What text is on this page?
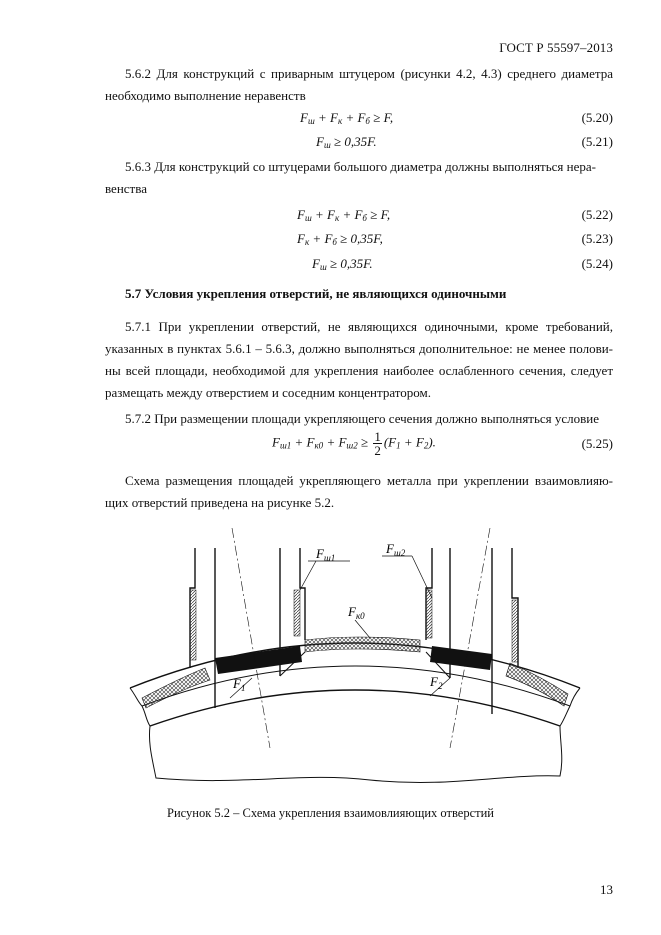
ГОСТ Р 55597–2013

5.6.2 Для конструкций с приварным штуцером (рисунки 4.2, 4.3) среднего диаметра необходимо выполнение неравенств

$F_ш + F_к + F_б \ge F$,	(5.20)
$F_ш \ge 0,35F$.	(5.21)
5.6.3 Для конструкций со штуцерами большого диаметра должны выполняться нера-
венства
$F_ш + F_к + F_б \ge F$,	(5.22)
$F_к + F_б \ge 0,35F$,	(5.23)
$F_ш \ge 0,35F$.	(5.24)
5.7 Условия укрепления отверстий, не являющихся одиночными
5.7.1 При укреплении отверстий, не являющихся одиночными, кроме требований,
указанных в пунктах 5.6.1 – 5.6.3, должно выполняться дополнительное: не менее полови-
ны всей площади, необходимой для укрепления наиболее ослабленного сечения, следует
размещать между отверстием и соседним концентратором.
5.7.2 При размещении площади укрепляющего сечения должно выполняться условие
$F_{ш1} + F_{к0} + F_{ш2} \ge \frac{1}{2} (F_1 + F_2)$.	(5.25)
Схема размещения площадей укрепляющего металла при укреплении взаимовлияю-
щих отверстий приведена на рисунке 5.2.
$F_{ш1}$
$F_{ш2}$
$F_{к0}$
$F_1$	$F_2$
Рисунок 5.2 – Схема укрепления взаимовлияющих отверстий
13
